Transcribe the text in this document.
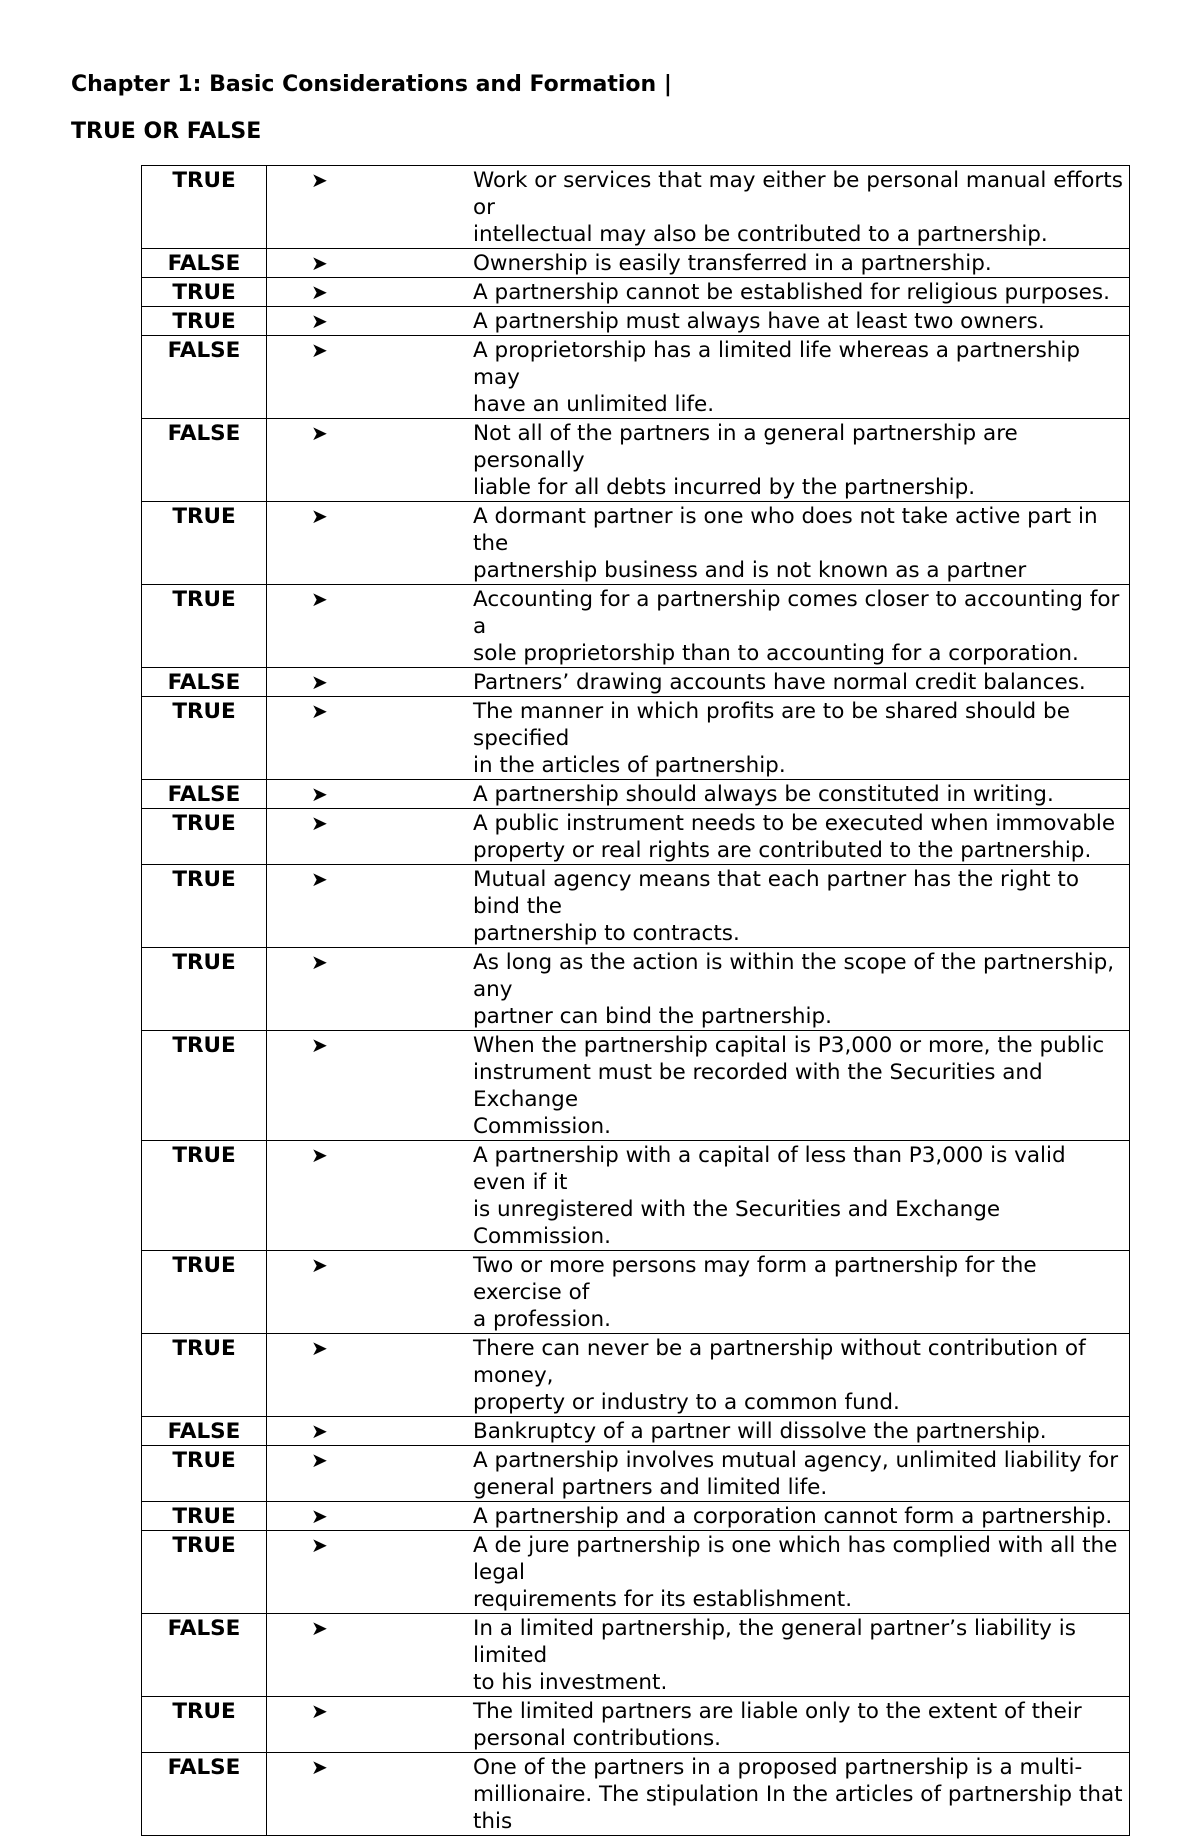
Chapter 1: Basic Considerations and Formation |
TRUE OR FALSE
TRUE	➤ Work or services that may either be personal manual efforts or
intellectual may also be contributed to a partnership.

FALSE	➤ Ownership is easily transferred in a partnership.

TRUE	➤ A partnership cannot be established for religious purposes.

TRUE	➤ A partnership must always have at least two owners.

FALSE	➤ A proprietorship has a limited life whereas a partnership may
have an unlimited life.

FALSE	➤ Not all of the partners in a general partnership are personally
liable for all debts incurred by the partnership.

TRUE	➤ A dormant partner is one who does not take active part in the
partnership business and is not known as a partner

TRUE	➤ Accounting for a partnership comes closer to accounting for a
sole proprietorship than to accounting for a corporation.

FALSE	➤ Partners’ drawing accounts have normal credit balances.

TRUE	➤ The manner in which profits are to be shared should be specified
in the articles of partnership.

FALSE	➤ A partnership should always be constituted in writing.

TRUE	➤ A public instrument needs to be executed when immovable
property or real rights are contributed to the partnership.

TRUE	➤ Mutual agency means that each partner has the right to bind the
partnership to contracts.

TRUE	➤ As long as the action is within the scope of the partnership, any
partner can bind the partnership.

TRUE	➤ When the partnership capital is P3,000 or more, the public
instrument must be recorded with the Securities and Exchange
Commission.

TRUE	➤ A partnership with a capital of less than P3,000 is valid even if it
is unregistered with the Securities and Exchange Commission.

TRUE	➤ Two or more persons may form a partnership for the exercise of
a profession.

TRUE	➤ There can never be a partnership without contribution of money,
property or industry to a common fund.

FALSE	➤ Bankruptcy of a partner will dissolve the partnership.

TRUE	➤ A partnership involves mutual agency, unlimited liability for
general partners and limited life.

TRUE	➤ A partnership and a corporation cannot form a partnership.

TRUE	➤ A de jure partnership is one which has complied with all the legal
requirements for its establishment.

FALSE	➤ In a limited partnership, the general partner’s liability is limited
to his investment.

TRUE	➤ The limited partners are liable only to the extent of their
personal contributions.

FALSE	➤ One of the partners in a proposed partnership is a multi-
millionaire. The stipulation In the articles of partnership that this
